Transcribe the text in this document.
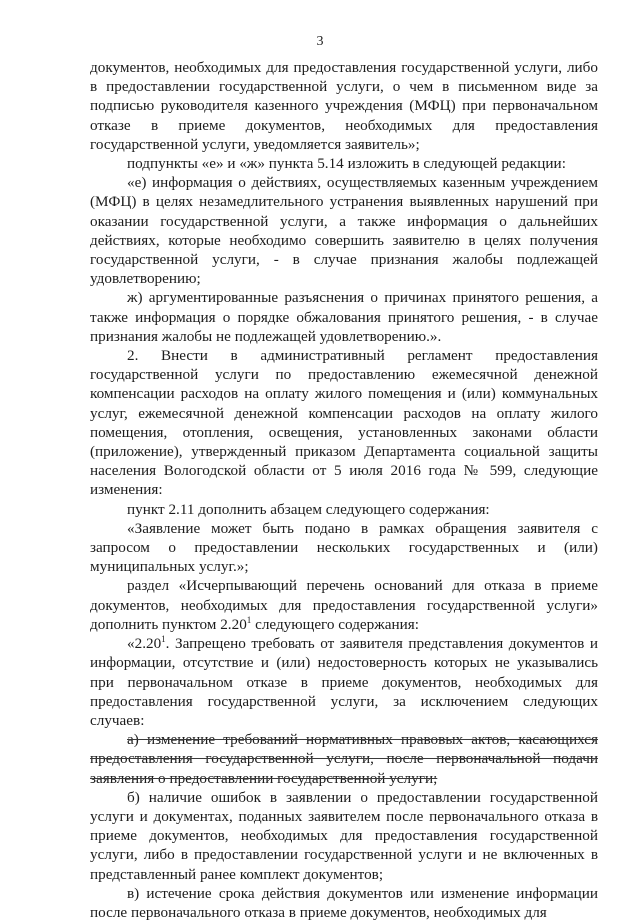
3

документов, необходимых для предоставления государственной услуги, либо в предоставлении государственной услуги, о чем в письменном виде за подписью руководителя казенного учреждения (МФЦ) при первоначальном отказе в приеме документов, необходимых для предоставления государственной услуги, уведомляется заявитель»;

подпункты «е» и «ж» пункта 5.14 изложить в следующей редакции:

«е) информация о действиях, осуществляемых казенным учреждением (МФЦ) в целях незамедлительного устранения выявленных нарушений при оказании государственной услуги, а также информация о дальнейших действиях, которые необходимо совершить заявителю в целях получения государственной услуги, - в случае признания жалобы подлежащей удовлетворению;

ж) аргументированные разъяснения о причинах принятого решения, а также информация о порядке обжалования принятого решения, - в случае признания жалобы не подлежащей удовлетворению.».

2. Внести в административный регламент предоставления государственной услуги по предоставлению ежемесячной денежной компенсации расходов на оплату жилого помещения и (или) коммунальных услуг, ежемесячной денежной компенсации расходов на оплату жилого помещения, отопления, освещения, установленных законами области (приложение), утвержденный приказом Департамента социальной защиты населения Вологодской области от 5 июля 2016 года № 599, следующие изменения:

пункт 2.11 дополнить абзацем следующего содержания:

«Заявление может быть подано в рамках обращения заявителя с запросом о предоставлении нескольких государственных и (или) муниципальных услуг.»;

раздел «Исчерпывающий перечень оснований для отказа в приеме документов, необходимых для предоставления государственной услуги» дополнить пунктом 2.20$^1$ следующего содержания:

«2.20$^1$. Запрещено требовать от заявителя представления документов и информации, отсутствие и (или) недостоверность которых не указывались при первоначальном отказе в приеме документов, необходимых для предоставления государственной услуги, за исключением следующих случаев:

а) изменение требований нормативных правовых актов, касающихся предоставления государственной услуги, после первоначальной подачи заявления о предоставлении государственной услуги;

б) наличие ошибок в заявлении о предоставлении государственной услуги и документах, поданных заявителем после первоначального отказа в приеме документов, необходимых для предоставления государственной услуги, либо в предоставлении государственной услуги и не включенных в представленный ранее комплект документов;

в) истечение срока действия документов или изменение информации после первоначального отказа в приеме документов, необходимых для
